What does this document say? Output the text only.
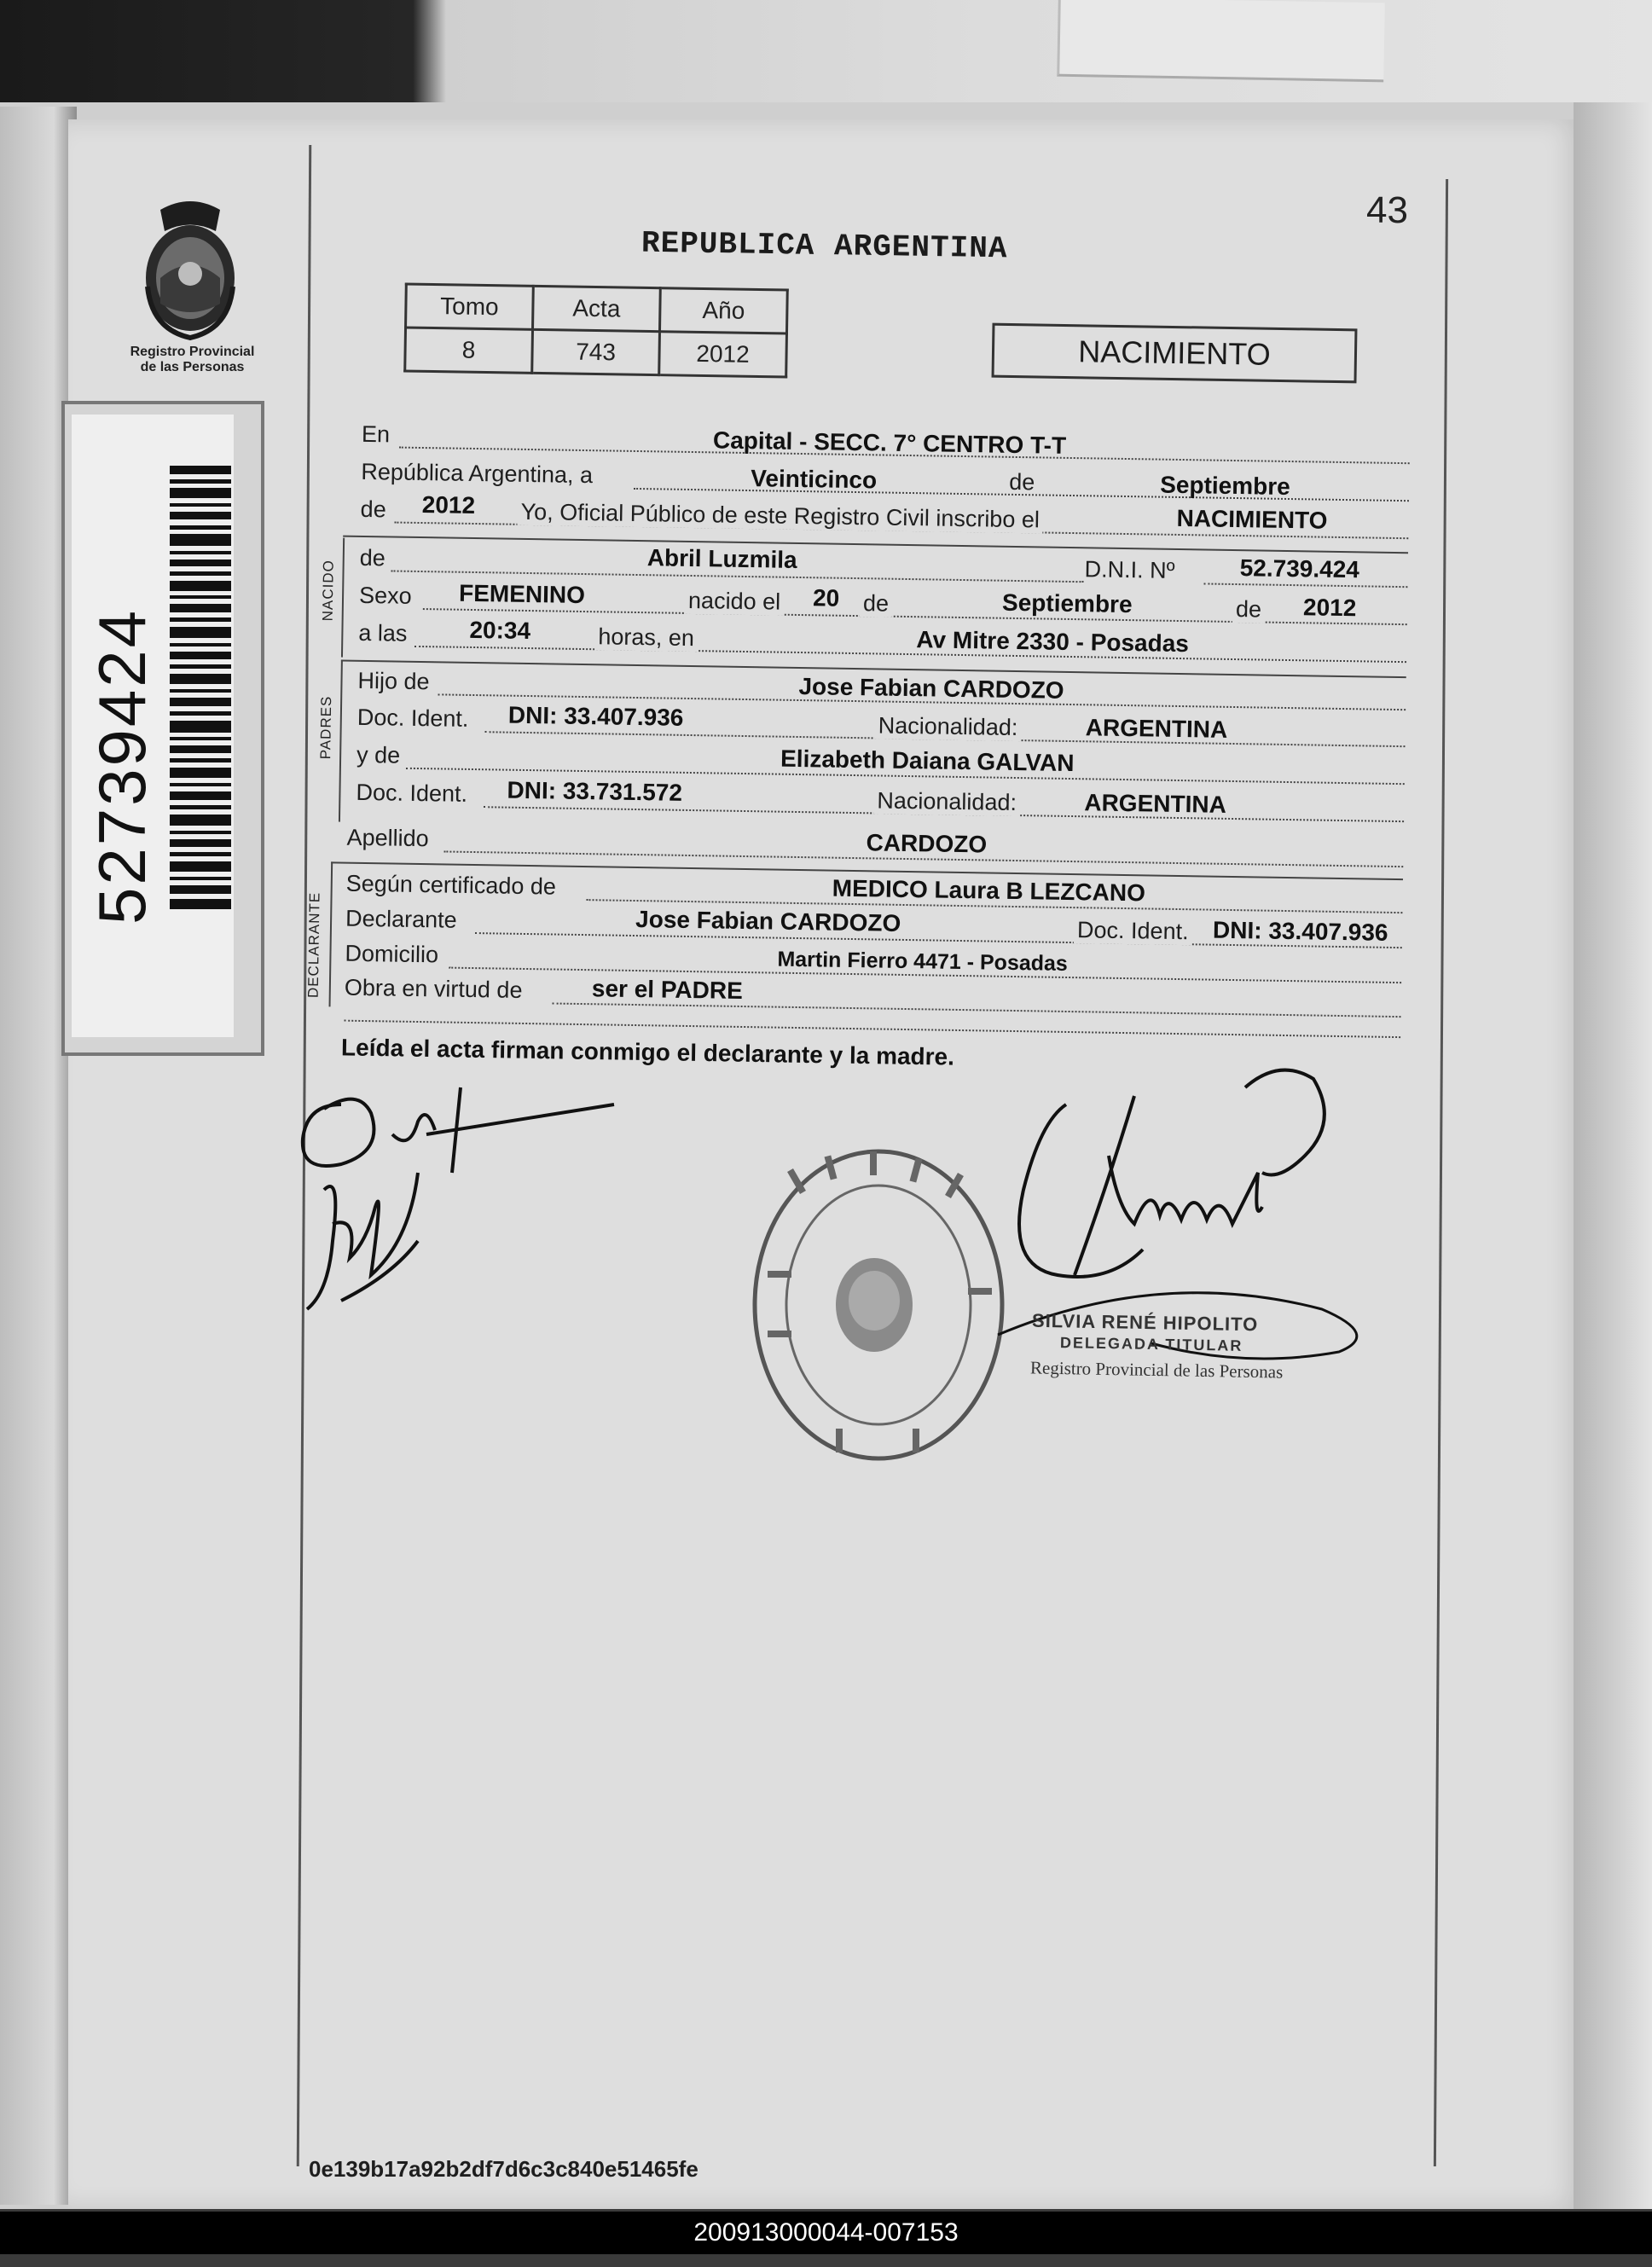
Registro Provincial
de las Personas
52739424
43
REPUBLICA ARGENTINA
Tomo	Acta	Año
8	743	2012	NACIMIENTO
En	Capital - SECC. 7° CENTRO T-T
República Argentina, a	Veinticinco	de	Septiembre
de 2012 Yo, Oficial Público de este Registro Civil inscribo el	NACIMIENTO
NACIDO
de	Abril Luzmila	D.N.I. Nº	52.739.424
Sexo FEMENINO	nacido el 20 de	Septiembre	de 2012
a las	20:34	horas, en	Av Mitre 2330 - Posadas
PADRES
Hijo de	Jose Fabian CARDOZO
Doc. Ident. DNI: 33.407.936	Nacionalidad:	ARGENTINA
y de	Elizabeth Daiana GALVAN
Doc. Ident. DNI: 33.731.572	Nacionalidad:	ARGENTINA
Apellido	CARDOZO
DECLARANTE
Según certificado de	MEDICO Laura B LEZCANO
Declarante	Jose Fabian CARDOZO	Doc. Ident. DNI: 33.407.936
Domicilio	Martin Fierro 4471 - Posadas
Obra en virtud de	ser el PADRE
Leída el acta firman conmigo el declarante y la madre.
SILVIA RENÉ HIPOLITO
DELEGADA TITULAR
Registro Provincial de las Personas
0e139b17a92b2df7d6c3c840e51465fe
200913000044-007153
